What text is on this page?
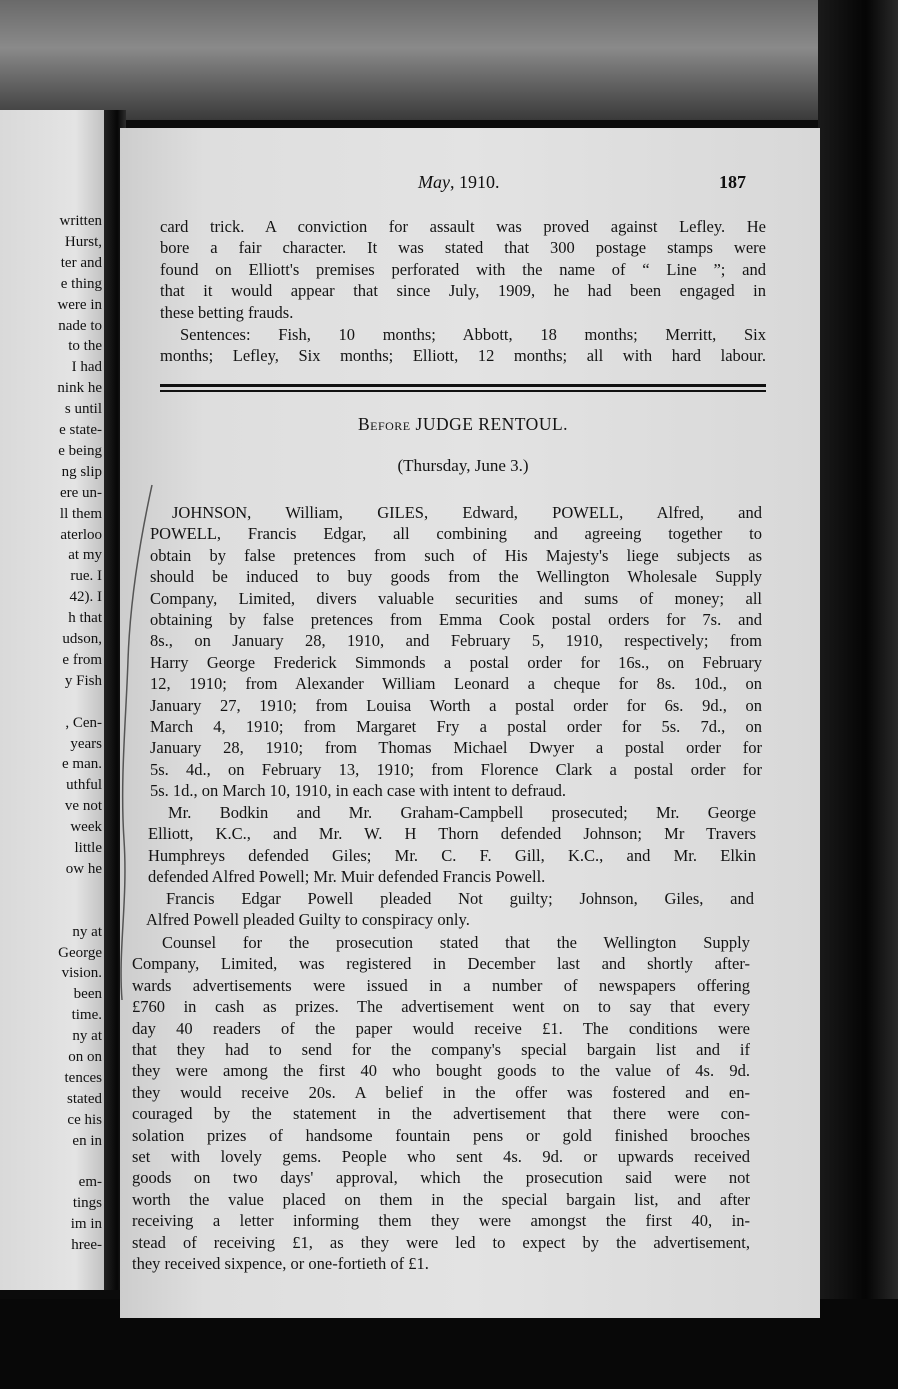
written
Hurst,
ter and
e thing
were in
nade to
to the
I had
nink he
s until
e state-
e being
ng slip
ere un-
ll them
aterloo
at my
rue. I
42). I
h that
udson,
e from
y Fish
, Cen-
years
e man.
uthful
ve not
week
little
ow he
ny at
George
vision.
been
time.
ny at
on on
tences
stated
ce his
en in
em-
tings
im in
hree-
May, 1910.	187

card trick. A conviction for assault was proved against Lefley. He
bore a fair character. It was stated that 300 postage stamps were
found on Elliott's premises perforated with the name of “ Line ”; and
that it would appear that since July, 1909, he had been engaged in
these betting frauds.

Sentences: Fish, 10 months; Abbott, 18 months; Merritt, Six

months; Lefley, Six months; Elliott, 12 months; all with hard labour.

Before JUDGE RENTOUL.
(Thursday, June 3.)
JOHNSON, William, GILES, Edward, POWELL, Alfred, and
POWELL, Francis Edgar, all combining and agreeing together to
obtain by false pretences from such of His Majesty's liege subjects as
should be induced to buy goods from the Wellington Wholesale Supply
Company, Limited, divers valuable securities and sums of money; all
obtaining by false pretences from Emma Cook postal orders for 7s. and
8s., on January 28, 1910, and February 5, 1910, respectively; from
Harry George Frederick Simmonds a postal order for 16s., on February
12, 1910; from Alexander William Leonard a cheque for 8s. 10d., on
January 27, 1910; from Louisa Worth a postal order for 6s. 9d., on
March 4, 1910; from Margaret Fry a postal order for 5s. 7d., on
January 28, 1910; from Thomas Michael Dwyer a postal order for
5s. 4d., on February 13, 1910; from Florence Clark a postal order for
5s. 1d., on March 10, 1910, in each case with intent to defraud.
Mr. Bodkin and Mr. Graham-Campbell prosecuted; Mr. George
Elliott, K.C., and Mr. W. H Thorn defended Johnson; Mr Travers
Humphreys defended Giles; Mr. C. F. Gill, K.C., and Mr. Elkin
defended Alfred Powell; Mr. Muir defended Francis Powell.
Francis Edgar Powell pleaded Not guilty; Johnson, Giles, and
Alfred Powell pleaded Guilty to conspiracy only.
Counsel for the prosecution stated that the Wellington Supply
Company, Limited, was registered in December last and shortly after-
wards advertisements were issued in a number of newspapers offering
£760 in cash as prizes. The advertisement went on to say that every
day 40 readers of the paper would receive £1. The conditions were
that they had to send for the company's special bargain list and if
they were among the first 40 who bought goods to the value of 4s. 9d.
they would receive 20s. A belief in the offer was fostered and en-
couraged by the statement in the advertisement that there were con-
solation prizes of handsome fountain pens or gold finished brooches
set with lovely gems. People who sent 4s. 9d. or upwards received
goods on two days' approval, which the prosecution said were not
worth the value placed on them in the special bargain list, and after
receiving a letter informing them they were amongst the first 40, in-
stead of receiving £1, as they were led to expect by the advertisement,
they received sixpence, or one-fortieth of £1.
